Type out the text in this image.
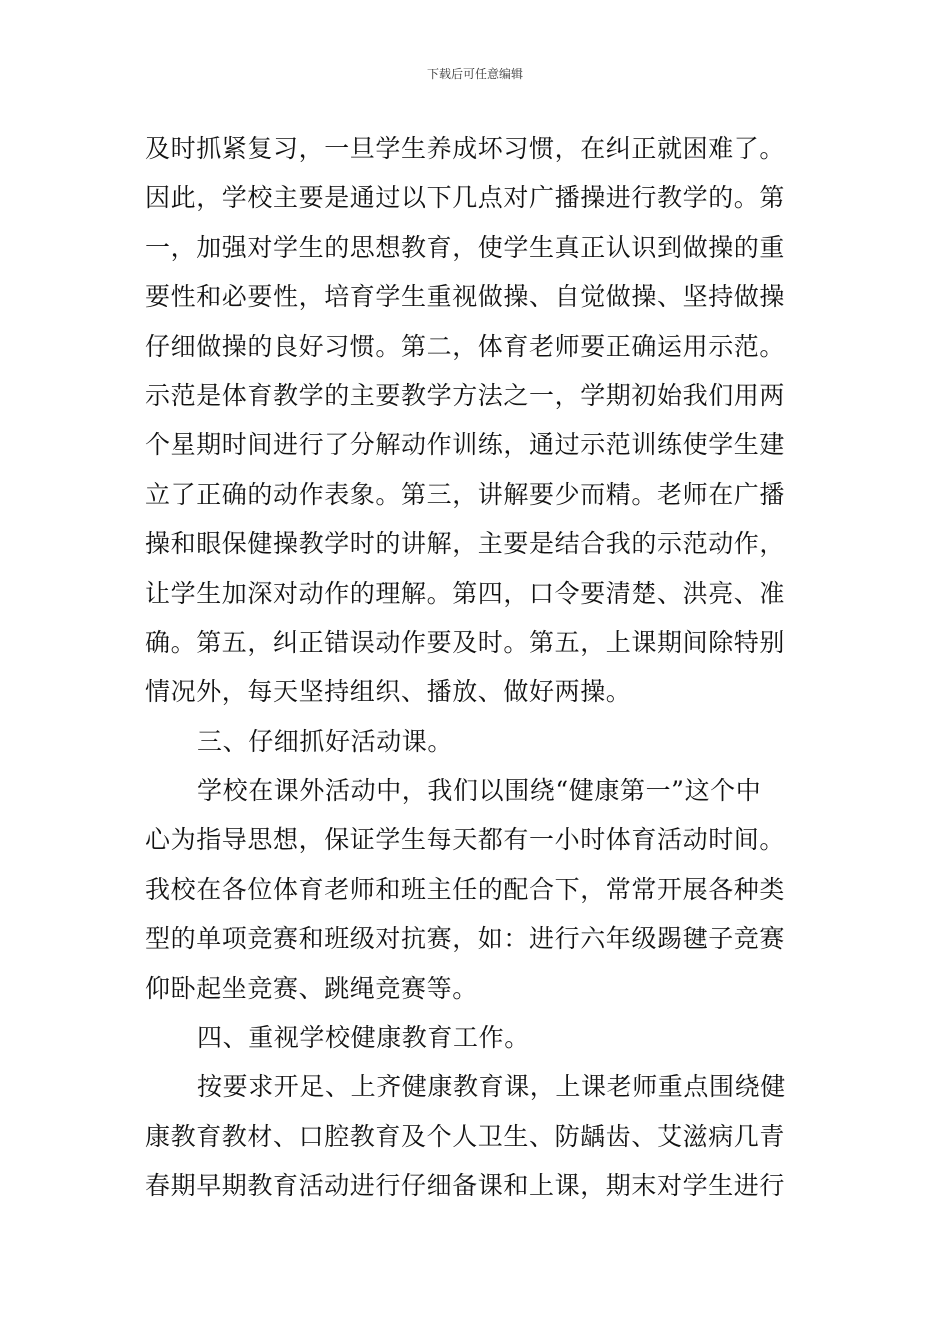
下载后可任意编辑
及时抓紧复习，一旦学生养成坏习惯，在纠正就困难了。
因此，学校主要是通过以下几点对广播操进行教学的。第
一，加强对学生的思想教育，使学生真正认识到做操的重
要性和必要性，培育学生重视做操、自觉做操、坚持做操
仔细做操的良好习惯。第二，体育老师要正确运用示范。
示范是体育教学的主要教学方法之一，学期初始我们用两
个星期时间进行了分解动作训练，通过示范训练使学生建
立了正确的动作表象。第三，讲解要少而精。老师在广播
操和眼保健操教学时的讲解，主要是结合我的示范动作，
让学生加深对动作的理解。第四，口令要清楚、洪亮、准
确。第五，纠正错误动作要及时。第五，上课期间除特别
情况外，每天坚持组织、播放、做好两操。
三、仔细抓好活动课。
学校在课外活动中，我们以围绕“健康第一”这个中
心为指导思想，保证学生每天都有一小时体育活动时间。
我校在各位体育老师和班主任的配合下，常常开展各种类
型的单项竞赛和班级对抗赛，如：进行六年级踢毽子竞赛
仰卧起坐竞赛、跳绳竞赛等。
四、重视学校健康教育工作。
按要求开足、上齐健康教育课，上课老师重点围绕健
康教育教材、口腔教育及个人卫生、防龋齿、艾滋病几青
春期早期教育活动进行仔细备课和上课，期末对学生进行
